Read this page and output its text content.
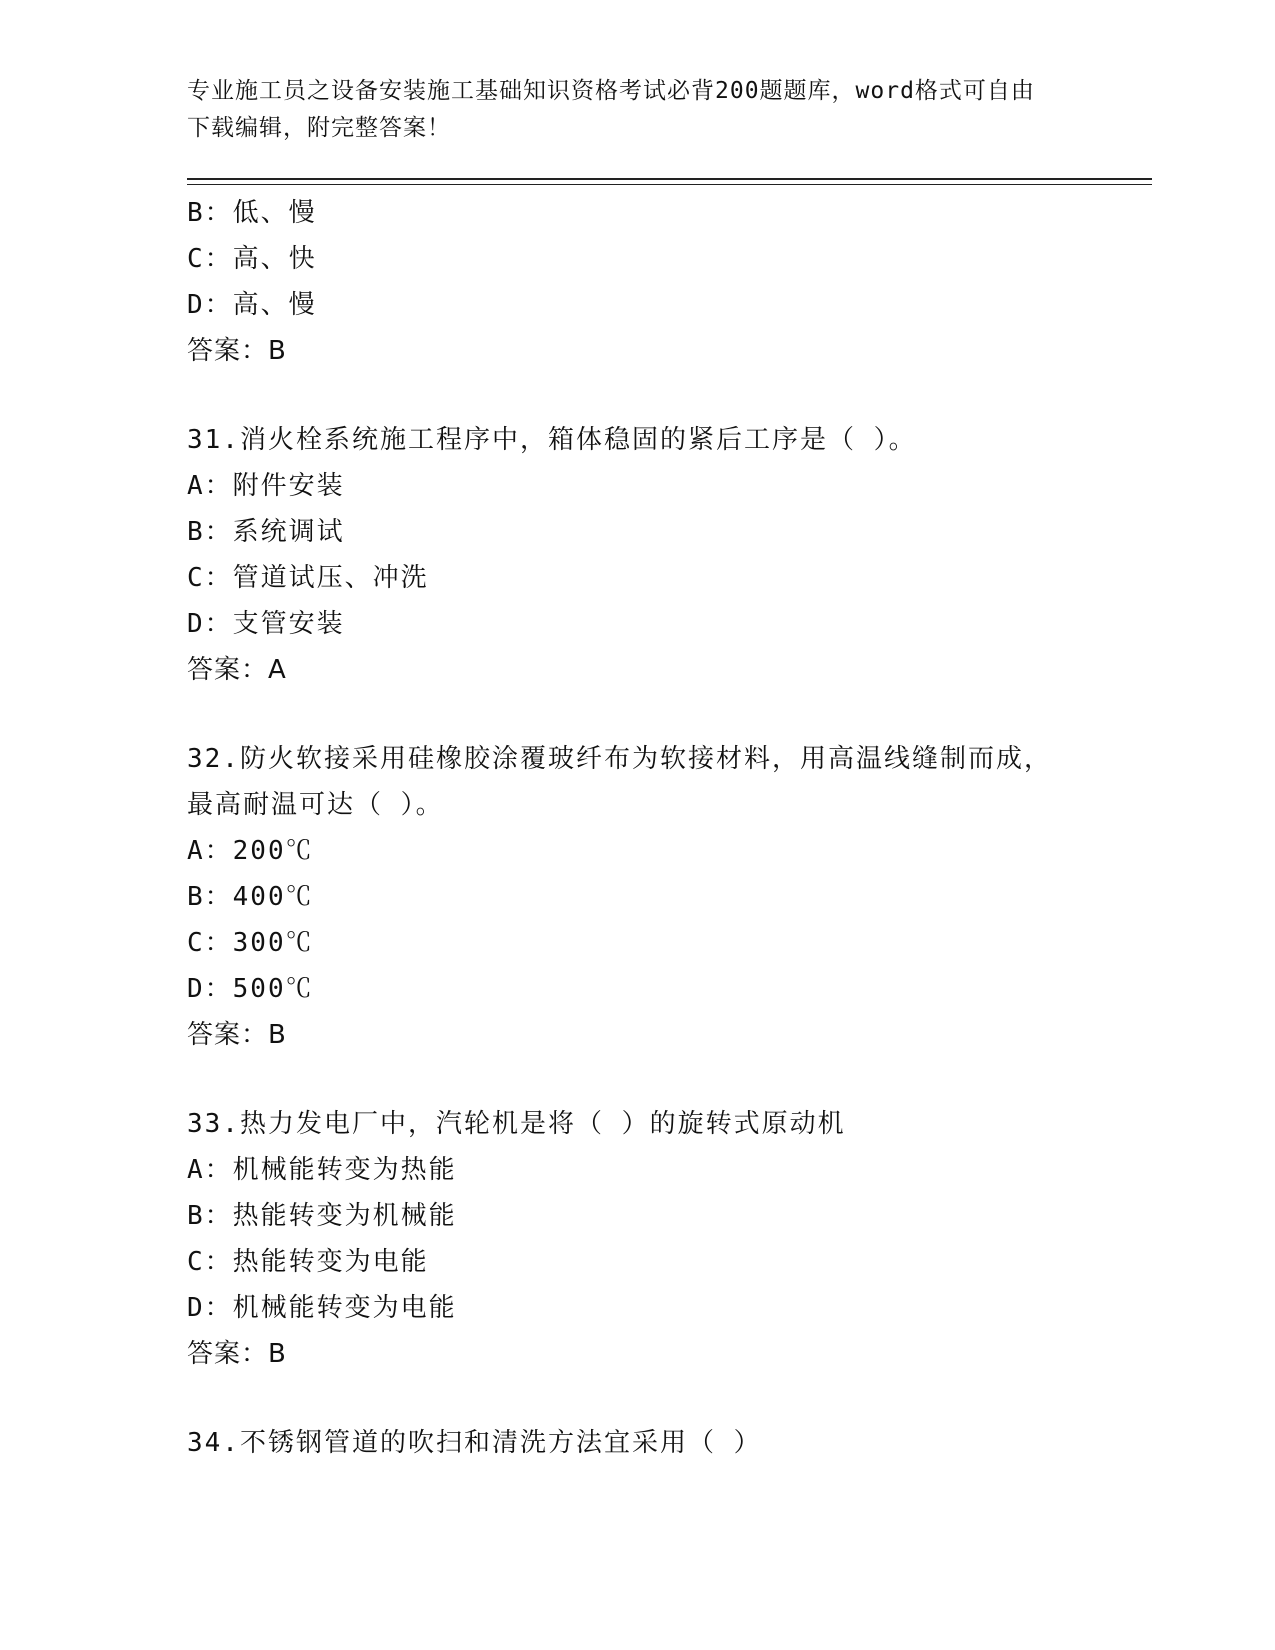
专业施工员之设备安装施工基础知识资格考试必背200题题库，word格式可自由
下载编辑，附完整答案！
B：低、慢
C：高、快
D：高、慢
答案：B
31.消火栓系统施工程序中，箱体稳固的紧后工序是（ ）。
A：附件安装
B：系统调试
C：管道试压、冲洗
D：支管安装
答案：A
32.防火软接采用硅橡胶涂覆玻纤布为软接材料，用高温线缝制而成，
最高耐温可达（ ）。
A：200℃
B：400℃
C：300℃
D：500℃
答案：B
33.热力发电厂中，汽轮机是将（ ）的旋转式原动机
A：机械能转变为热能
B：热能转变为机械能
C：热能转变为电能
D：机械能转变为电能
答案：B
34.不锈钢管道的吹扫和清洗方法宜采用（ ）
